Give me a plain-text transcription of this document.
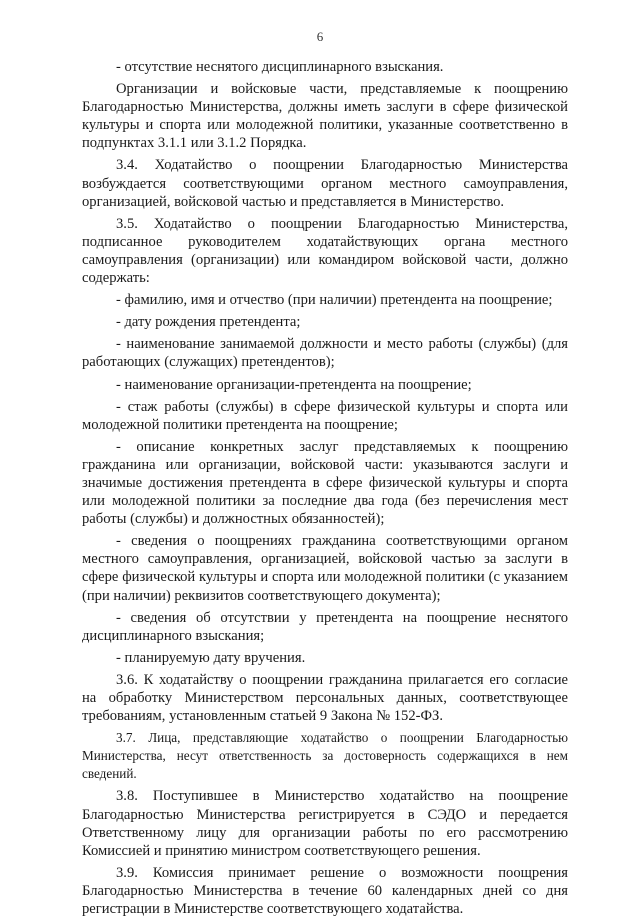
6

- отсутствие неснятого дисциплинарного взыскания.

Организации и войсковые части, представляемые к поощрению Благодарностью Министерства, должны иметь заслуги в сфере физической культуры и спорта или молодежной политики, указанные соответственно в подпунктах 3.1.1 или 3.1.2 Порядка.

3.4. Ходатайство о поощрении Благодарностью Министерства возбуждается соответствующими органом местного самоуправления, организацией, войсковой частью и представляется в Министерство.

3.5. Ходатайство о поощрении Благодарностью Министерства, подписанное руководителем ходатайствующих органа местного самоуправления (организации) или командиром войсковой части, должно содержать:

- фамилию, имя и отчество (при наличии) претендента на поощрение;

- дату рождения претендента;

- наименование занимаемой должности и место работы (службы) (для работающих (служащих) претендентов);

- наименование организации-претендента на поощрение;

- стаж работы (службы) в сфере физической культуры и спорта или молодежной политики претендента на поощрение;

- описание конкретных заслуг представляемых к поощрению гражданина или организации, войсковой части: указываются заслуги и значимые достижения претендента в сфере физической культуры и спорта или молодежной политики за последние два года (без перечисления мест работы (службы) и должностных обязанностей);

- сведения о поощрениях гражданина соответствующими органом местного самоуправления, организацией, войсковой частью за заслуги в сфере физической культуры и спорта или молодежной политики (с указанием (при наличии) реквизитов соответствующего документа);

- сведения об отсутствии у претендента на поощрение неснятого дисциплинарного взыскания;

- планируемую дату вручения.

3.6. К ходатайству о поощрении гражданина прилагается его согласие на обработку Министерством персональных данных, соответствующее требованиям, установленным статьей 9 Закона № 152-ФЗ.

3.7. Лица, представляющие ходатайство о поощрении Благодарностью Министерства, несут ответственность за достоверность содержащихся в нем сведений.

3.8. Поступившее в Министерство ходатайство на поощрение Благодарностью Министерства регистрируется в СЭДО и передается Ответственному лицу для организации работы по его рассмотрению Комиссией и принятию министром соответствующего решения.

3.9. Комиссия принимает решение о возможности поощрения Благодарностью Министерства в течение 60 календарных дней со дня регистрации в Министерстве соответствующего ходатайства.
